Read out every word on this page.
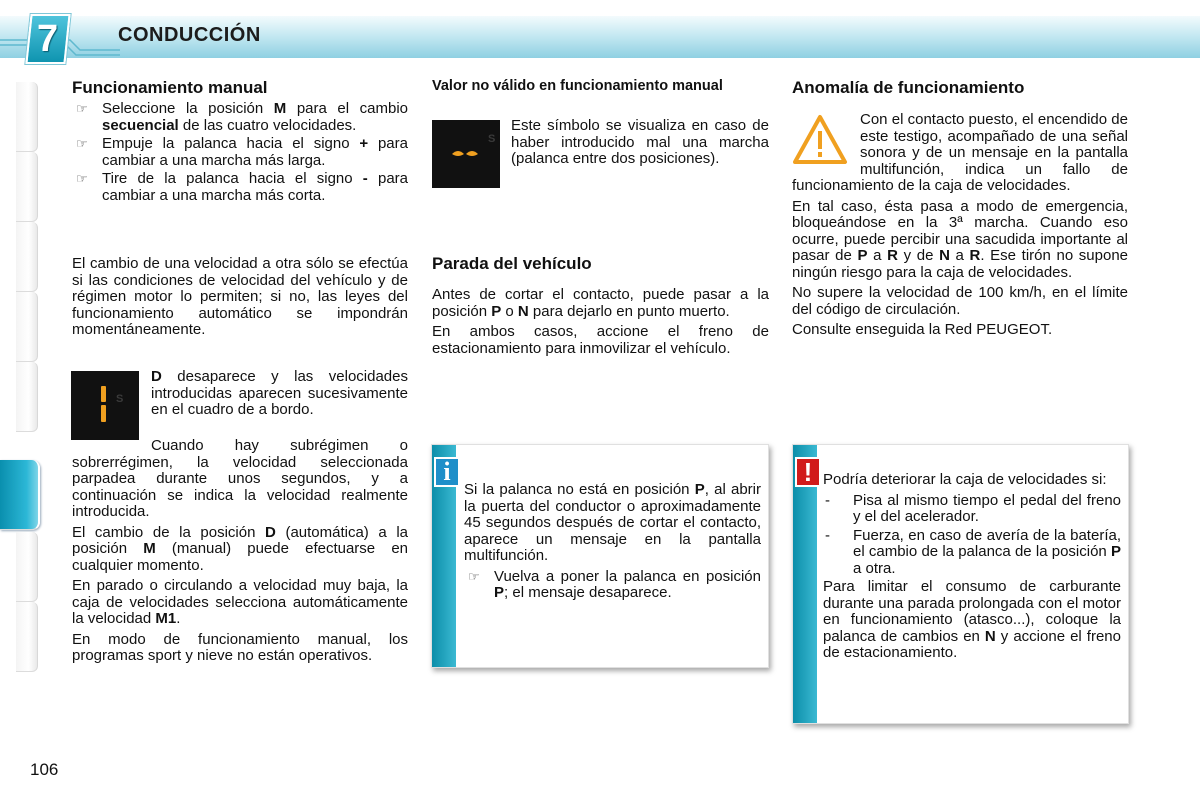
7	CONDUCCIÓN
106
Funcionamiento manual
☞ Seleccione la posición M para el cambio secuencial de las cuatro velocidades.
☞ Empuje la palanca hacia el signo + para cambiar a una marcha más larga.
☞ Tire de la palanca hacia el signo - para cambiar a una marcha más corta.

El cambio de una velocidad a otra sólo se efectúa si las condiciones de velocidad del vehículo y de régimen motor lo permiten; si no, las leyes del funcionamiento automático se impondrán momentáneamente.

S

D desaparece y las velocidades introducidas aparecen sucesivamente en el cuadro de a bordo.

Cuando hay subrégimen o sobrerrégimen, la velocidad seleccionada parpadea durante unos segundos, y a continuación se indica la velocidad realmente introducida.

El cambio de la posición D (automática) a la posición M (manual) puede efectuarse en cualquier momento.

En parado o circulando a velocidad muy baja, la caja de velocidades selecciona automáticamente la velocidad M1.

En modo de funcionamiento manual, los programas sport y nieve no están operativos.

Valor no válido en funcionamiento manual
S

Este símbolo se visualiza en caso de haber introducido mal una marcha (palanca entre dos posiciones).

Parada del vehículo

Antes de cortar el contacto, puede pasar a la posición P o N para dejarlo en punto muerto.

En ambos casos, accione el freno de estacionamiento para inmovilizar el vehículo.

i

Si la palanca no está en posición P, al abrir la puerta del conductor o aproximadamente 45 segundos después de cortar el contacto, aparece un mensaje en la pantalla multifunción.

☞ Vuelva a poner la palanca en posición P; el mensaje desaparece.
Anomalía de funcionamiento

Con el contacto puesto, el encendido de este testigo, acompañado de una señal sonora y de un mensaje en la pantalla multifunción, indica un fallo de funcionamiento de la caja de velocidades.

En tal caso, ésta pasa a modo de emergencia, bloqueándose en la 3ª marcha. Cuando eso ocurre, puede percibir una sacudida importante al pasar de P a R y de N a R. Ese tirón no supone ningún riesgo para la caja de velocidades.

No supere la velocidad de 100 km/h, en el límite del código de circulación.

Consulte enseguida la Red PEUGEOT.

! Podría deteriorar la caja de velocidades si:

- Pisa al mismo tiempo el pedal del freno y el del acelerador.
- Fuerza, en caso de avería de la batería, el cambio de la palanca de la posición P a otra.

Para limitar el consumo de carburante durante una parada prolongada con el motor en funcionamiento (atasco...), coloque la palanca de cambios en N y accione el freno de estacionamiento.
